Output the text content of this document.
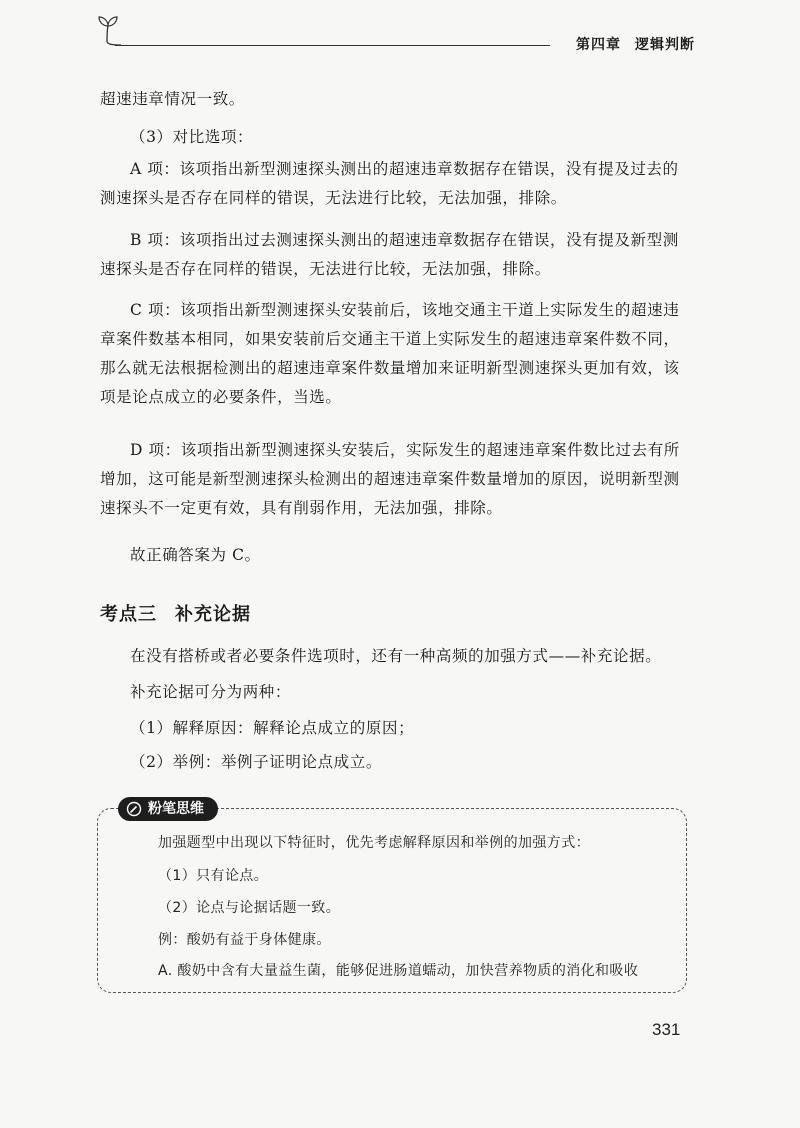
第四章 逻辑判断

超速违章情况一致。

（3）对比选项：

A 项：该项指出新型测速探头测出的超速违章数据存在错误，没有提及过去的测速探头是否存在同样的错误，无法进行比较，无法加强，排除。

B 项：该项指出过去测速探头测出的超速违章数据存在错误，没有提及新型测速探头是否存在同样的错误，无法进行比较，无法加强，排除。

C 项：该项指出新型测速探头安装前后，该地交通主干道上实际发生的超速违章案件数基本相同，如果安装前后交通主干道上实际发生的超速违章案件数不同，那么就无法根据检测出的超速违章案件数量增加来证明新型测速探头更加有效，该项是论点成立的必要条件，当选。

D 项：该项指出新型测速探头安装后，实际发生的超速违章案件数比过去有所增加，这可能是新型测速探头检测出的超速违章案件数量增加的原因，说明新型测速探头不一定更有效，具有削弱作用，无法加强，排除。

故正确答案为 C。

考点三 补充论据

在没有搭桥或者必要条件选项时，还有一种高频的加强方式——补充论据。

补充论据可分为两种：

（1）解释原因：解释论点成立的原因；

（2）举例：举例子证明论点成立。

粉笔思维
加强题型中出现以下特征时，优先考虑解释原因和举例的加强方式：
（1）只有论点。
（2）论点与论据话题一致。
例：酸奶有益于身体健康。
A. 酸奶中含有大量益生菌，能够促进肠道蠕动，加快营养物质的消化和吸收
331
